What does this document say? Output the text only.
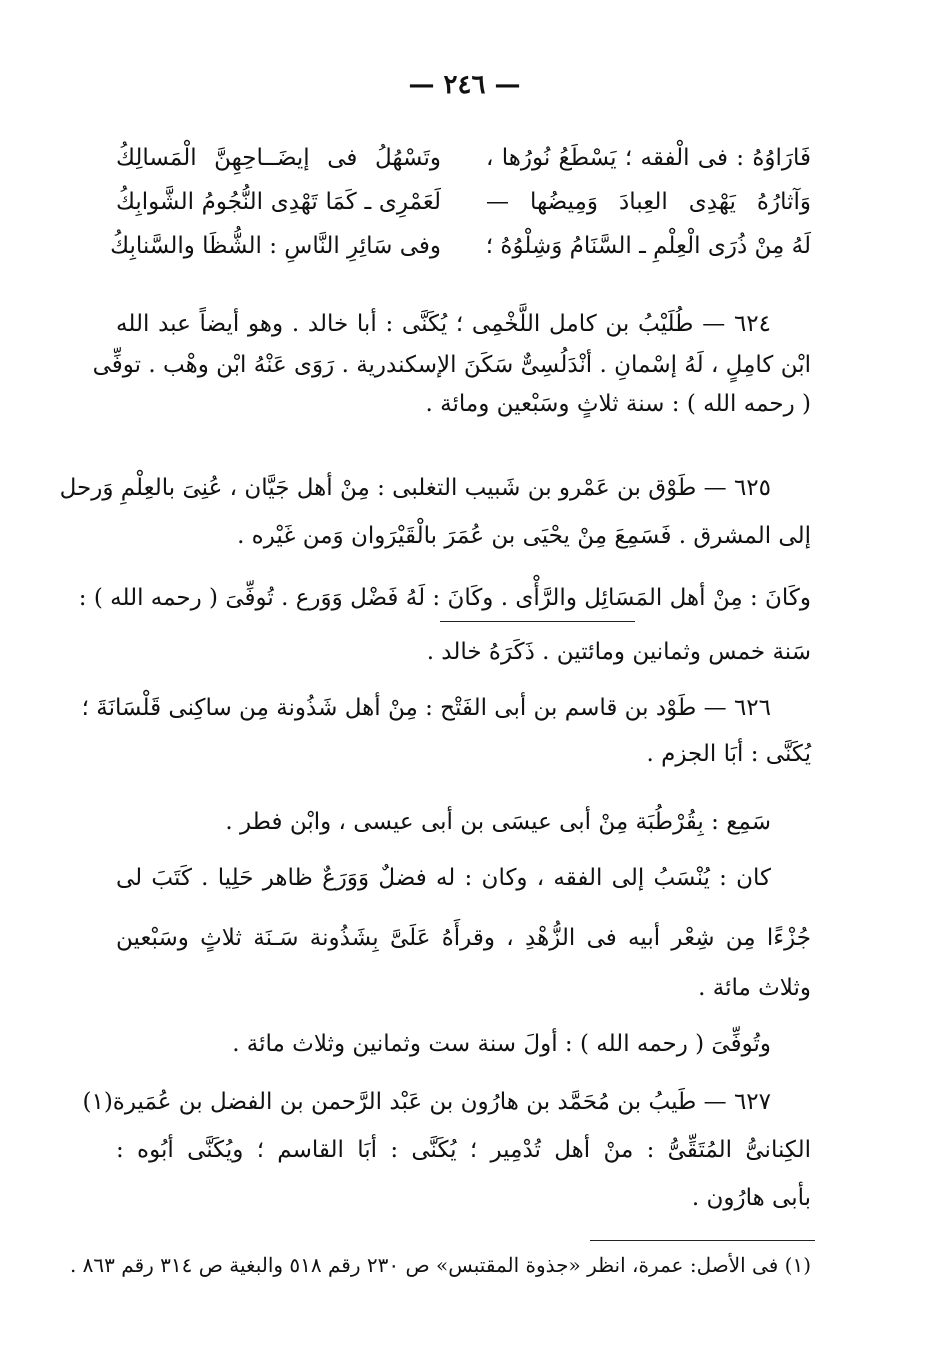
— ٢٤٦ —
فَارَاوُهُ : فى الْفقه ؛ يَسْطَعُ نُورُها ،
وتَسْهُلُ فى إيضَــاحِهِنَّ الْمَسالِكُ
وَآثارُهُ يَهْدِى العِبادَ وَمِيضُها —
لَعَمْرِى ـ كَمَا تَهْدِى النُّجُومُ الشَّوابِكُ
لَهُ مِنْ ذُرَى الْعِلْمِ ـ السَّنَامُ وَشِلْوُهُ ؛
وفى سَائِرِ النَّاسِ : الشُّظَا والسَّنابِكُ
٦٢٤ — طُلَيْبُ بن كامل اللَّخْمِى ؛ يُكَنَّى : أبا خالد . وهو أيضاً عبد الله
ابْن كامِلٍ ، لَهُ إسْمانِ . أنْدَلُسِىٌّ سَكَنَ الإسكندرية . رَوَى عَنْهُ ابْن وهْب . توفِّى
( رحمه الله ) : سنة ثلاثٍ وسَبْعين ومائة .
٦٢٥ — طَوْق بن عَمْرو بن شَبيب التغلبى : مِنْ أهل جَيَّان ، عُنِىَ بالعِلْمِ وَرحل
إلى المشرق . فَسَمِعَ مِنْ يحْيَى بن عُمَرَ بالْقَيْرَوان وَمن غَيْره .
وكَانَ : مِنْ أهل المَسَائِل والرَّأْى . وكَانَ : لَهُ فَضْل وَوَرع . تُوفِّىَ ( رحمه الله ) :
سَنة خمس وثمانين ومائتين . ذَكَرَهُ خالد .
٦٢٦ — طَوْد بن قاسم بن أبى الفَتْح : مِنْ أهل شَذُونة مِن ساكِنى قَلْسَانَةَ ؛
يُكَنَّى : أبَا الجزم .
سَمِع : بِقُرْطُبَة مِنْ أبى عيسَى بن أبى عيسى ، وابْن فطر .
كان : يُنْسَبُ إلى الفقه ، وكان : له فضلٌ وَوَرَعٌ ظاهر حَلِيا . كَتَبَ لى
جُزْءًا مِن شِعْر أبيه فى الزُّهْدِ ، وقرأَهُ عَلَىَّ بِشَذُونة سَـنَة ثلاثٍ وسَبْعين
وثلاث مائة .
وتُوفِّىَ ( رحمه الله ) : أولَ سنة ست وثمانين وثلاث مائة .
٦٢٧ — طَيبُ بن مُحَمَّد بن هارُون بن عَبْد الرَّحمن بن الفضل بن عُمَيرة(١)
الكِنانىُّ المُتَقِّىُّ : منْ أهل تُدْمِير ؛ يُكَنَّى : أبَا القاسم ؛ ويُكَنَّى أبُوه :
بأبى هارُون .
(١) فى الأصل: عمرة، انظر «جذوة المقتبس» ص ٢٣٠ رقم ٥١٨ والبغية ص ٣١٤ رقم ٨٦٣ .
